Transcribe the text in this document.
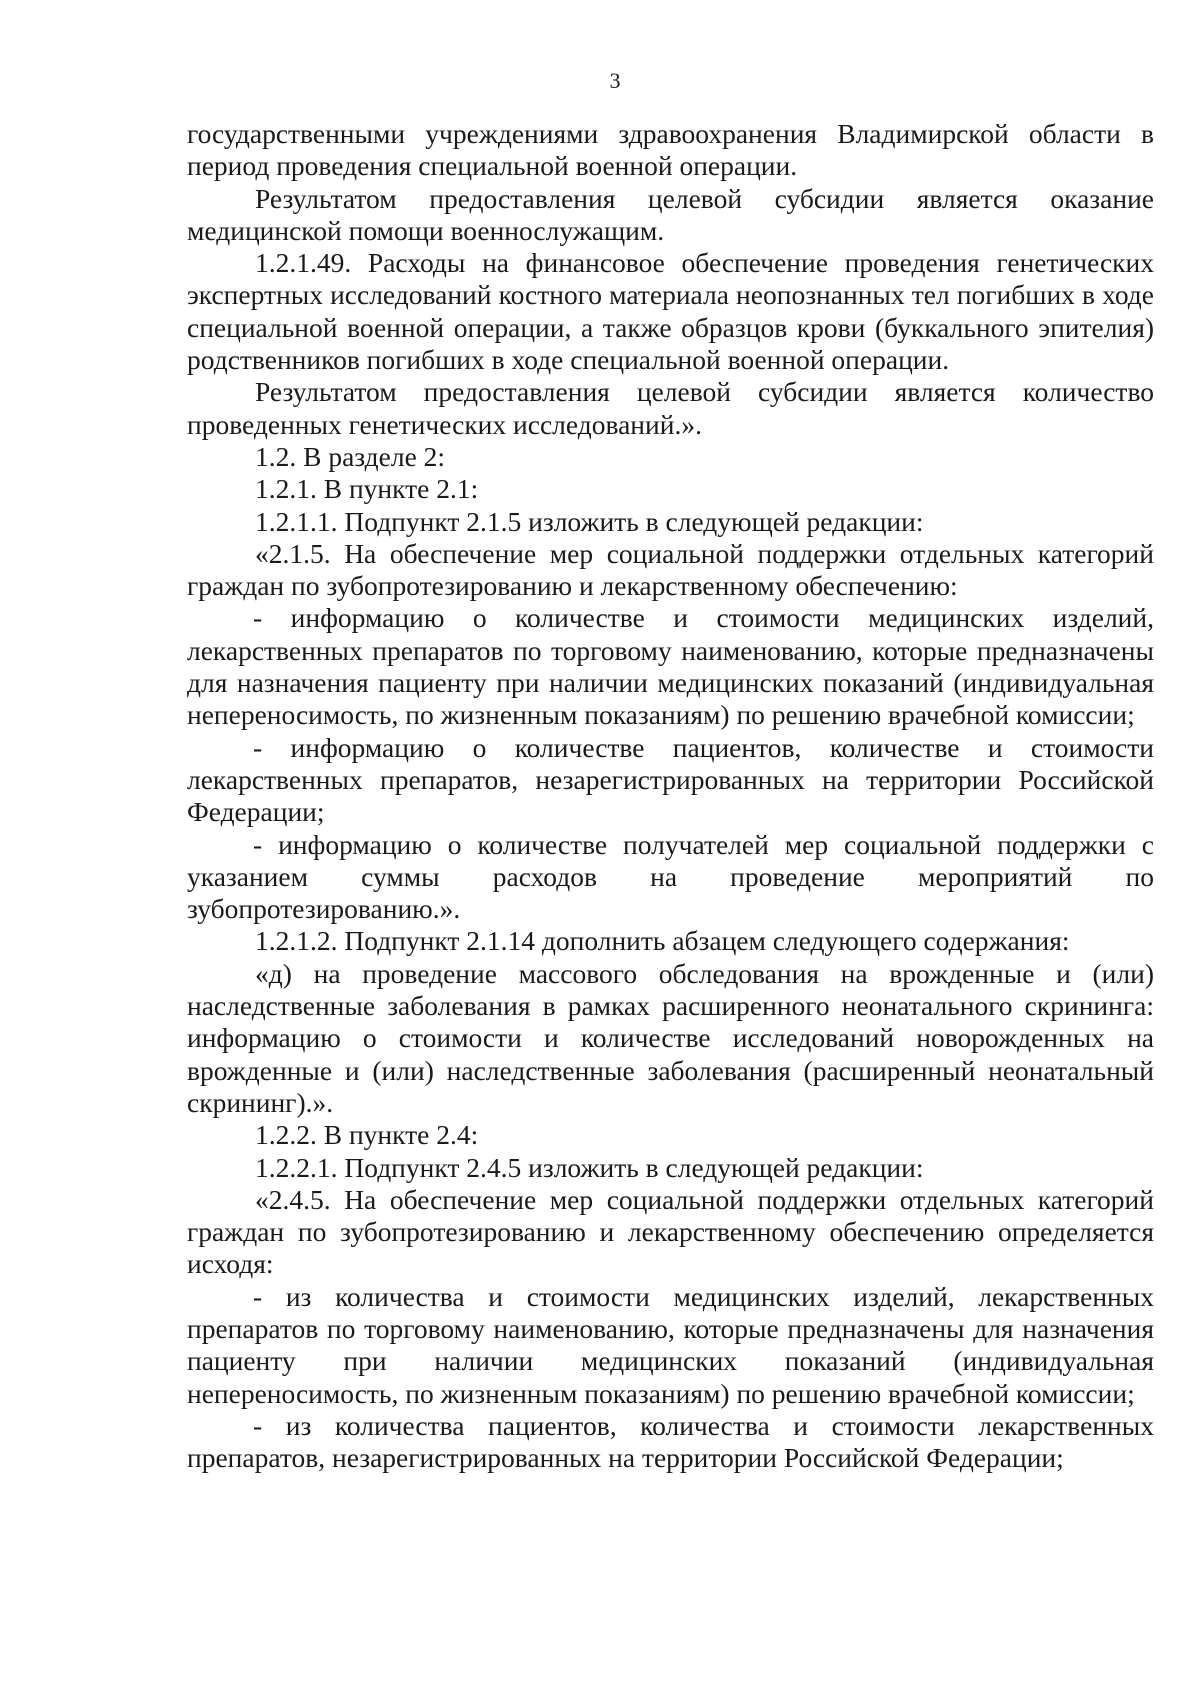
3

государственными учреждениями здравоохранения Владимирской области в период проведения специальной военной операции.

Результатом предоставления целевой субсидии является оказание медицинской помощи военнослужащим.

1.2.1.49. Расходы на финансовое обеспечение проведения генетических экспертных исследований костного материала неопознанных тел погибших в ходе специальной военной операции, а также образцов крови (буккального эпителия) родственников погибших в ходе специальной военной операции.

Результатом предоставления целевой субсидии является количество проведенных генетических исследований.».

1.2. В разделе 2:

1.2.1. В пункте 2.1:

1.2.1.1. Подпункт 2.1.5 изложить в следующей редакции:

«2.1.5. На обеспечение мер социальной поддержки отдельных категорий граждан по зубопротезированию и лекарственному обеспечению:

- информацию о количестве и стоимости медицинских изделий, лекарственных препаратов по торговому наименованию, которые предназначены для назначения пациенту при наличии медицинских показаний (индивидуальная непереносимость, по жизненным показаниям) по решению врачебной комиссии;

- информацию о количестве пациентов, количестве и стоимости лекарственных препаратов, незарегистрированных на территории Российской Федерации;

- информацию о количестве получателей мер социальной поддержки с указанием суммы расходов на проведение мероприятий по зубопротезированию.».

1.2.1.2. Подпункт 2.1.14 дополнить абзацем следующего содержания:

«д) на проведение массового обследования на врожденные и (или) наследственные заболевания в рамках расширенного неонатального скрининга: информацию о стоимости и количестве исследований новорожденных на врожденные и (или) наследственные заболевания (расширенный неонатальный скрининг).».

1.2.2. В пункте 2.4:

1.2.2.1. Подпункт 2.4.5 изложить в следующей редакции:

«2.4.5. На обеспечение мер социальной поддержки отдельных категорий граждан по зубопротезированию и лекарственному обеспечению определяется исходя:

- из количества и стоимости медицинских изделий, лекарственных препаратов по торговому наименованию, которые предназначены для назначения пациенту при наличии медицинских показаний (индивидуальная непереносимость, по жизненным показаниям) по решению врачебной комиссии;

- из количества пациентов, количества и стоимости лекарственных препаратов, незарегистрированных на территории Российской Федерации;
